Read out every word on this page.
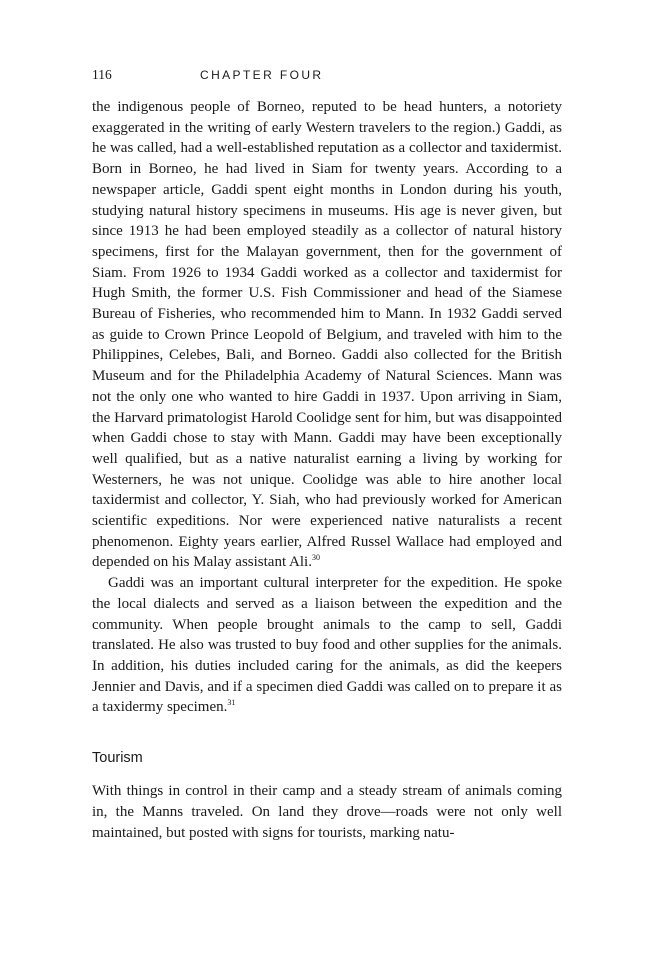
116	CHAPTER FOUR

the indigenous people of Borneo, reputed to be head hunters, a notoriety exaggerated in the writing of early Western travelers to the region.) Gaddi, as he was called, had a well-established reputation as a collector and taxidermist. Born in Borneo, he had lived in Siam for twenty years. According to a newspaper article, Gaddi spent eight months in London during his youth, studying natural history specimens in museums. His age is never given, but since 1913 he had been employed steadily as a collector of natural history specimens, first for the Malayan government, then for the government of Siam. From 1926 to 1934 Gaddi worked as a collector and taxidermist for Hugh Smith, the former U.S. Fish Commissioner and head of the Siamese Bureau of Fisheries, who recommended him to Mann. In 1932 Gaddi served as guide to Crown Prince Leopold of Belgium, and traveled with him to the Philippines, Celebes, Bali, and Borneo. Gaddi also collected for the British Museum and for the Philadelphia Academy of Natural Sciences. Mann was not the only one who wanted to hire Gaddi in 1937. Upon arriving in Siam, the Harvard primatologist Harold Coolidge sent for him, but was disappointed when Gaddi chose to stay with Mann. Gaddi may have been exceptionally well qualified, but as a native naturalist earning a living by working for Westerners, he was not unique. Coolidge was able to hire another local taxidermist and collector, Y. Siah, who had previously worked for American scientific expeditions. Nor were experienced native naturalists a recent phenomenon. Eighty years earlier, Alfred Russel Wallace had employed and depended on his Malay assistant Ali.$^{30}$

Gaddi was an important cultural interpreter for the expedition. He spoke the local dialects and served as a liaison between the expedition and the community. When people brought animals to the camp to sell, Gaddi translated. He also was trusted to buy food and other supplies for the animals. In addition, his duties included caring for the animals, as did the keepers Jennier and Davis, and if a specimen died Gaddi was called on to prepare it as a taxidermy specimen.$^{31}$

Tourism

With things in control in their camp and a steady stream of animals coming in, the Manns traveled. On land they drove—roads were not only well maintained, but posted with signs for tourists, marking natu-
